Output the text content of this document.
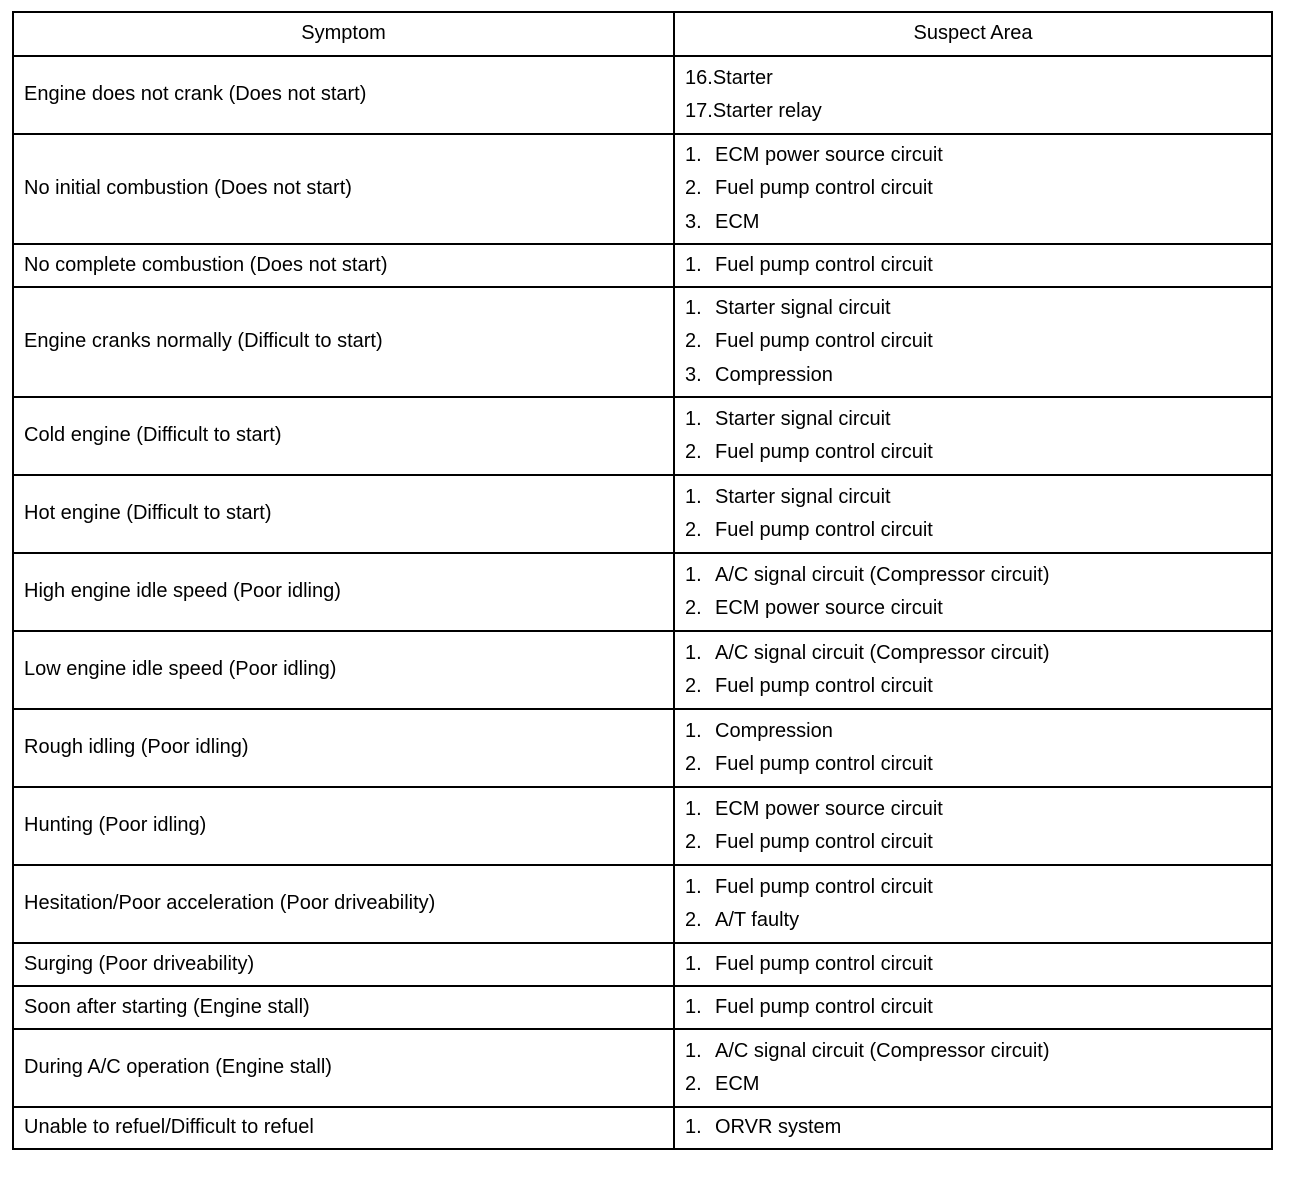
Symptom	Suspect Area
Engine does not crank (Does not start)	16.Starter
17.Starter relay

No initial combustion (Does not start)	1. ECM power source circuit
2. Fuel pump control circuit
3. ECM

No complete combustion (Does not start)	1. Fuel pump control circuit

Engine cranks normally (Difficult to start)	1. Starter signal circuit
2. Fuel pump control circuit
3. Compression

Cold engine (Difficult to start)	1. Starter signal circuit
2. Fuel pump control circuit

Hot engine (Difficult to start)	1. Starter signal circuit
2. Fuel pump control circuit

High engine idle speed (Poor idling)	1. A/C signal circuit (Compressor circuit)
2. ECM power source circuit

Low engine idle speed (Poor idling)	1. A/C signal circuit (Compressor circuit)
2. Fuel pump control circuit

Rough idling (Poor idling)	1. Compression
2. Fuel pump control circuit

Hunting (Poor idling)	1. ECM power source circuit
2. Fuel pump control circuit

Hesitation/Poor acceleration (Poor driveability)	1. Fuel pump control circuit
2. A/T faulty

Surging (Poor driveability)	1. Fuel pump control circuit

Soon after starting (Engine stall)	1. Fuel pump control circuit

During A/C operation (Engine stall)	1. A/C signal circuit (Compressor circuit)
2. ECM

Unable to refuel/Difficult to refuel	1. ORVR system
